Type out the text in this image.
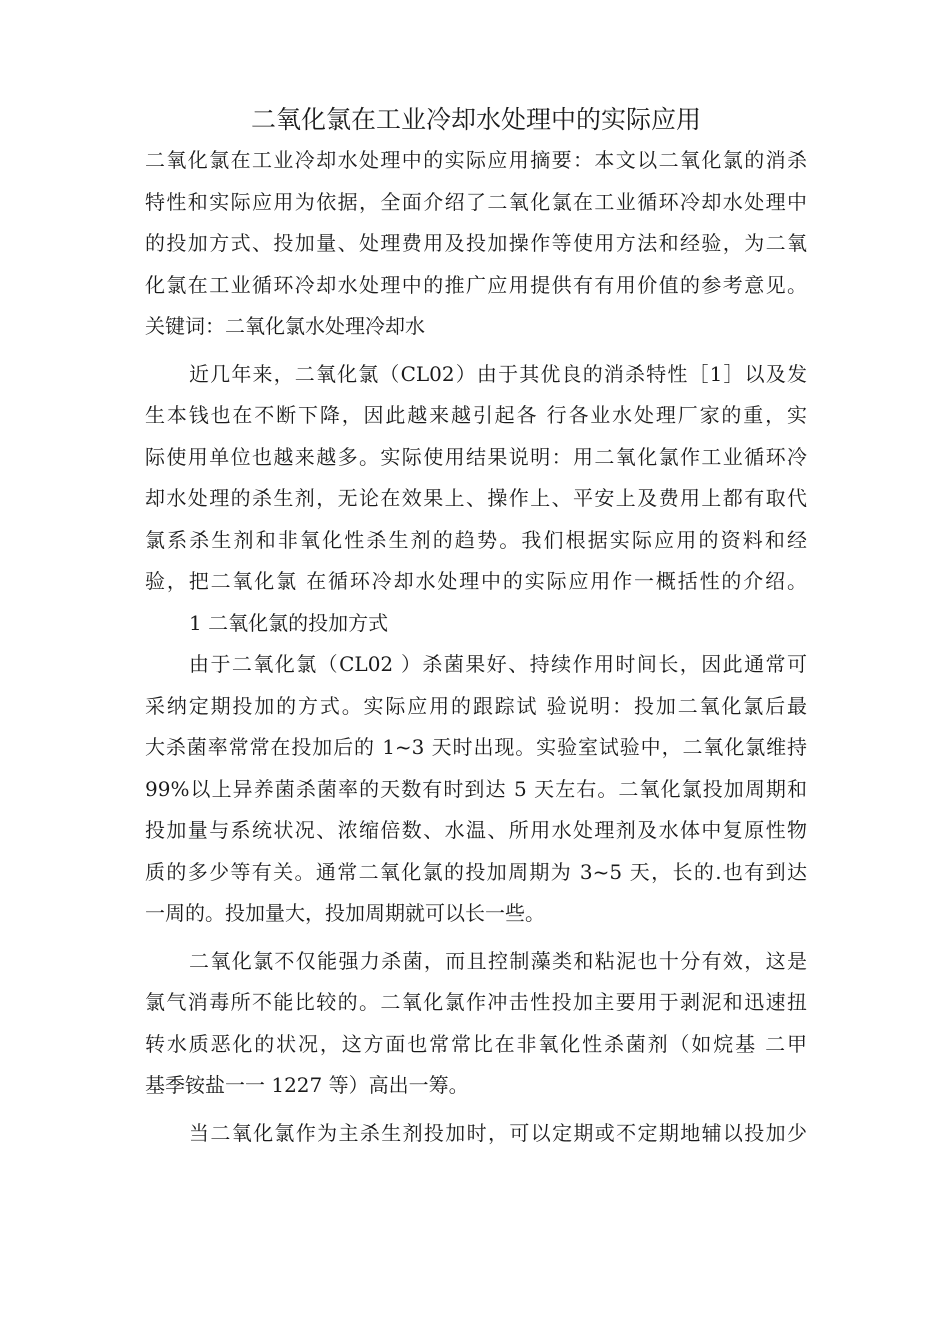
二氧化氯在工业冷却水处理中的实际应用
二氧化氯在工业冷却水处理中的实际应用摘要：本文以二氧化氯的消杀
特性和实际应用为依据，全面介绍了二氧化氯在工业循环冷却水处理中
的投加方式、投加量、处理费用及投加操作等使用方法和经验，为二氧
化氯在工业循环冷却水处理中的推广应用提供有有用价值的参考意见。
关键词：二氧化氯水处理冷却水
近几年来，二氧化氯（CL02）由于其优良的消杀特性［1］以及发
生本钱也在不断下降，因此越来越引起各 行各业水处理厂家的重，实
际使用单位也越来越多。实际使用结果说明：用二氧化氯作工业循环冷
却水处理的杀生剂，无论在效果上、操作上、平安上及费用上都有取代
氯系杀生剂和非氧化性杀生剂的趋势。我们根据实际应用的资料和经
验，把二氧化氯 在循环冷却水处理中的实际应用作一概括性的介绍。
1 二氧化氯的投加方式
由于二氧化氯（CL02 ）杀菌果好、持续作用时间长，因此通常可
采纳定期投加的方式。实际应用的跟踪试 验说明：投加二氧化氯后最
大杀菌率常常在投加后的 1~3 天时出现。实验室试验中，二氧化氯维持
99%以上异养菌杀菌率的天数有时到达 5 天左右。二氧化氯投加周期和
投加量与系统状况、浓缩倍数、水温、所用水处理剂及水体中复原性物
质的多少等有关。通常二氧化氯的投加周期为 3~5 天，长的.也有到达
一周的。投加量大，投加周期就可以长一些。
二氧化氯不仅能强力杀菌，而且控制藻类和粘泥也十分有效，这是
氯气消毒所不能比较的。二氧化氯作冲击性投加主要用于剥泥和迅速扭
转水质恶化的状况，这方面也常常比在非氧化性杀菌剂（如烷基 二甲
基季铵盐一一 1227 等）高出一筹。
当二氧化氯作为主杀生剂投加时，可以定期或不定期地辅以投加少
